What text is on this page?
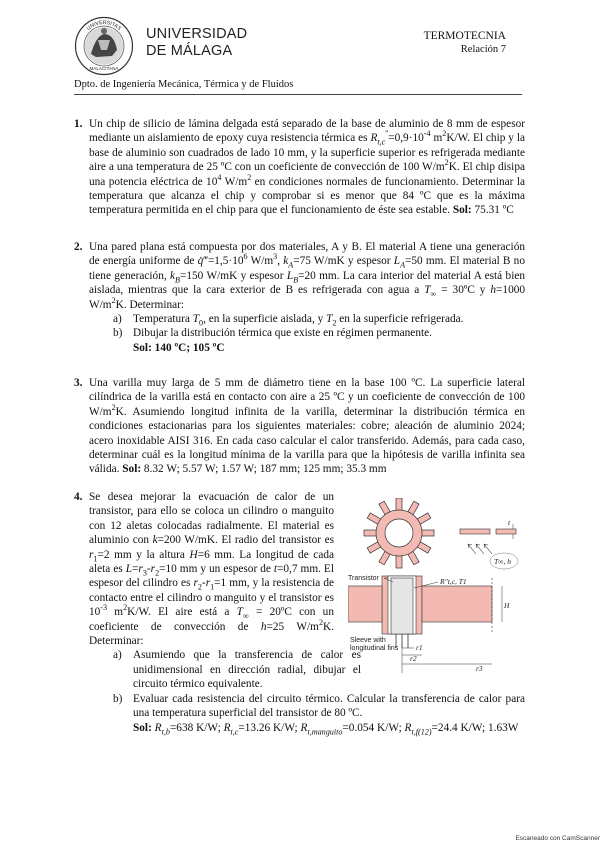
UNIVERSITAS
MALACITANA
UNIVERSIDAD
DE MÁLAGA
TERMOTECNIA
Relación 7
Dpto. de Ingeniería Mecánica, Térmica y de Fluidos
1. Un chip de silicio de lámina delgada está separado de la base de aluminio de 8 mm de espesor mediante un aislamiento de epoxy cuya resistencia térmica es $R_{t,c}''=0,9\cdot 10^{-4}$ $m^2K/W$. El chip y la base de aluminio son cuadrados de lado 10 mm, y la superficie superior es refrigerada mediante aire a una temperatura de 25 ºC con un coeficiente de convección de 100 $W/m^2K$. El chip disipa una potencia eléctrica de $10^4$ $W/m^2$ en condiciones normales de funcionamiento. Determinar la temperatura que alcanza el chip y comprobar si es menor que 84 ºC que es la máxima temperatura permitida en el chip para que el funcionamiento de éste sea estable. Sol: 75.31 ºC
2. Una pared plana está compuesta por dos materiales, A y B. El material A tiene una generación de energía uniforme de $q̇‴=1,5\cdot 10^6$ $W/m^3$, $k_A=75$ W/mK y espesor $L_A=50$ mm. El material B no tiene generación, $k_B=150$ W/mK y espesor $L_B=20$ mm. La cara interior del material A está bien aislada, mientras que la cara exterior de B es refrigerada con agua a $T_\infty$ = 30ºC y h=1000 $W/m^2K$. Determinar:
a) Temperatura $T_0$, en la superficie aislada, y $T_2$ en la superficie refrigerada.
b) Dibujar la distribución térmica que existe en régimen permanente.
Sol: 140 ºC; 105 ºC
3. Una varilla muy larga de 5 mm de diámetro tiene en la base 100 ºC. La superficie lateral cilíndrica de la varilla está en contacto con aire a 25 ºC y un coeficiente de convección de 100 $W/m^2K$. Asumiendo longitud infinita de la varilla, determinar la distribución térmica en condiciones estacionarias para los siguientes materiales: cobre; aleación de aluminio 2024; acero inoxidable AISI 316. En cada caso calcular el calor transferido. Además, para cada caso, determinar cuál es la longitud mínima de la varilla para que la hipótesis de varilla infinita sea válida. Sol: 8.32 W; 5.57 W; 1.57 W; 187 mm; 125 mm; 35.3 mm
4. Se desea mejorar la evacuación de calor de un transistor, para ello se coloca un cilindro o manguito con 12 aletas colocadas radialmente. El material es aluminio con k=200 W/mK. El radio del transistor es $r_1=2$ mm y la altura H=6 mm. La longitud de cada aleta es $L=r_3-r_2=10$ mm y un espesor de t=0,7 mm. El espesor del cilindro es $r_2-r_1=1$ mm, y la resistencia de contacto entre el cilindro o manguito y el transistor es $10^{-3}$ $m^2K/W$. El aire está a $T_\infty$ = 20ºC con un coeficiente de convección de h=25 $W/m^2K$. Determinar:
a) Asumiendo que la transferencia de calor es unidimensional en dirección radial, dibujar el circuito térmico equivalente.
b) Evaluar cada resistencia del circuito térmico. Calcular la transferencia de calor para una temperatura superficial del transistor de 80 ºC.
Sol: $R_{t,b}=638$ K/W; $R_{t,c}=13.26$ K/W; $R_{t,manguito}=0.054$ K/W; $R_{t,f(12)}=24.4$ K/W; 1.63W
t
T∞, h
Transistor	R″t,c, T1
H
Sleeve with
longitudinal fins r1
r2
r3
Escaneado con CamScanner
